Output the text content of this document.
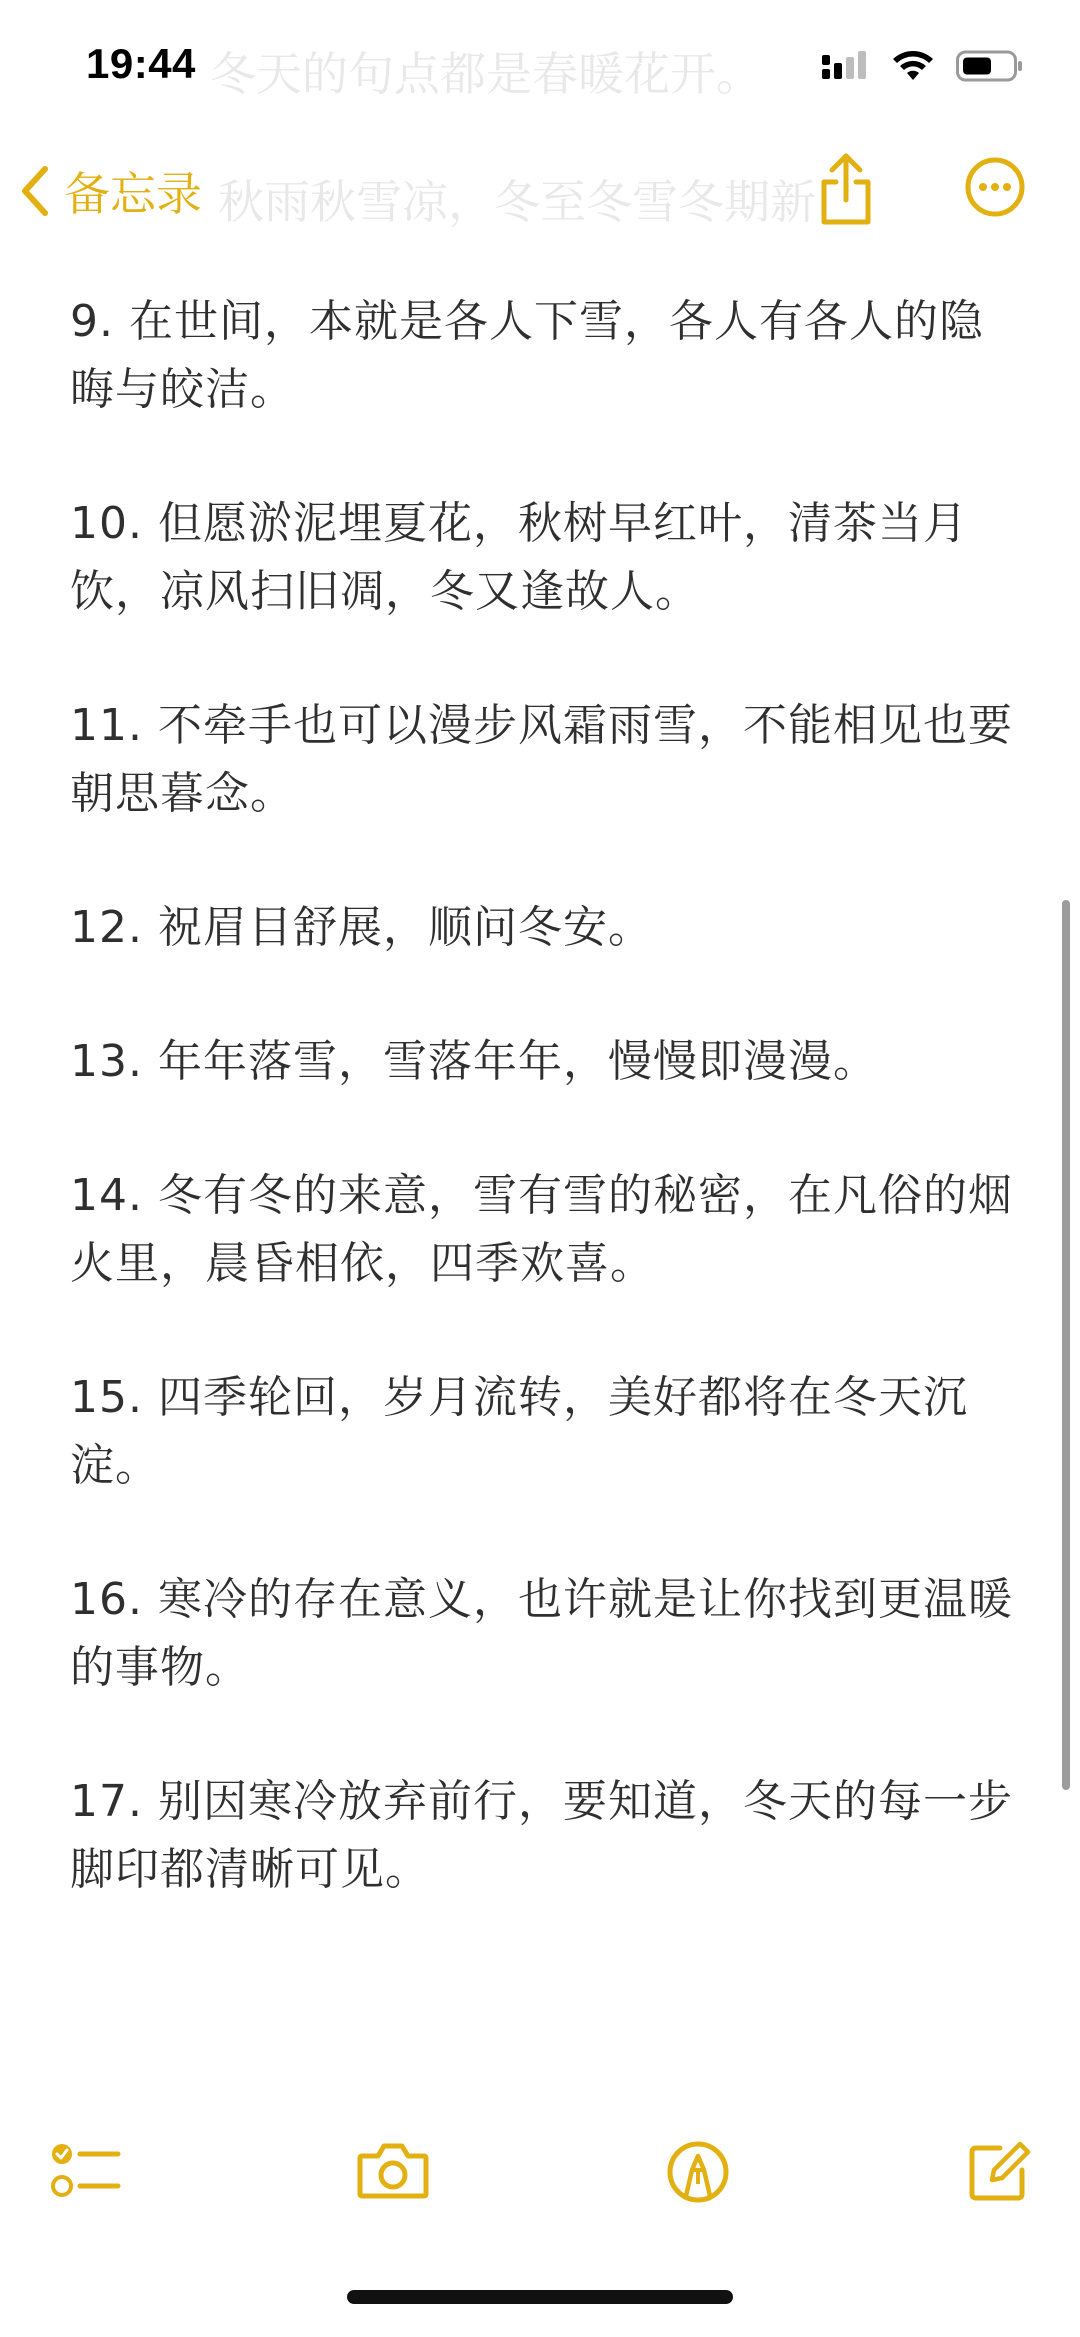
冬天的句点都是春暖花开。
19:44
秋雨秋雪凉，冬至冬雪冬期新
备忘录

9. 在世间，本就是各人下雪，各人有各人的隐晦与皎洁。

10. 但愿淤泥埋夏花，秋树早红叶，清茶当月饮，凉风扫旧凋，冬又逢故人。

11. 不牵手也可以漫步风霜雨雪，不能相见也要朝思暮念。

12. 祝眉目舒展，顺问冬安。

13. 年年落雪，雪落年年，慢慢即漫漫。

14. 冬有冬的来意，雪有雪的秘密，在凡俗的烟火里，晨昏相依，四季欢喜。

15. 四季轮回，岁月流转，美好都将在冬天沉淀。

16. 寒冷的存在意义，也许就是让你找到更温暖的事物。

17. 别因寒冷放弃前行，要知道，冬天的每一步脚印都清晰可见。
